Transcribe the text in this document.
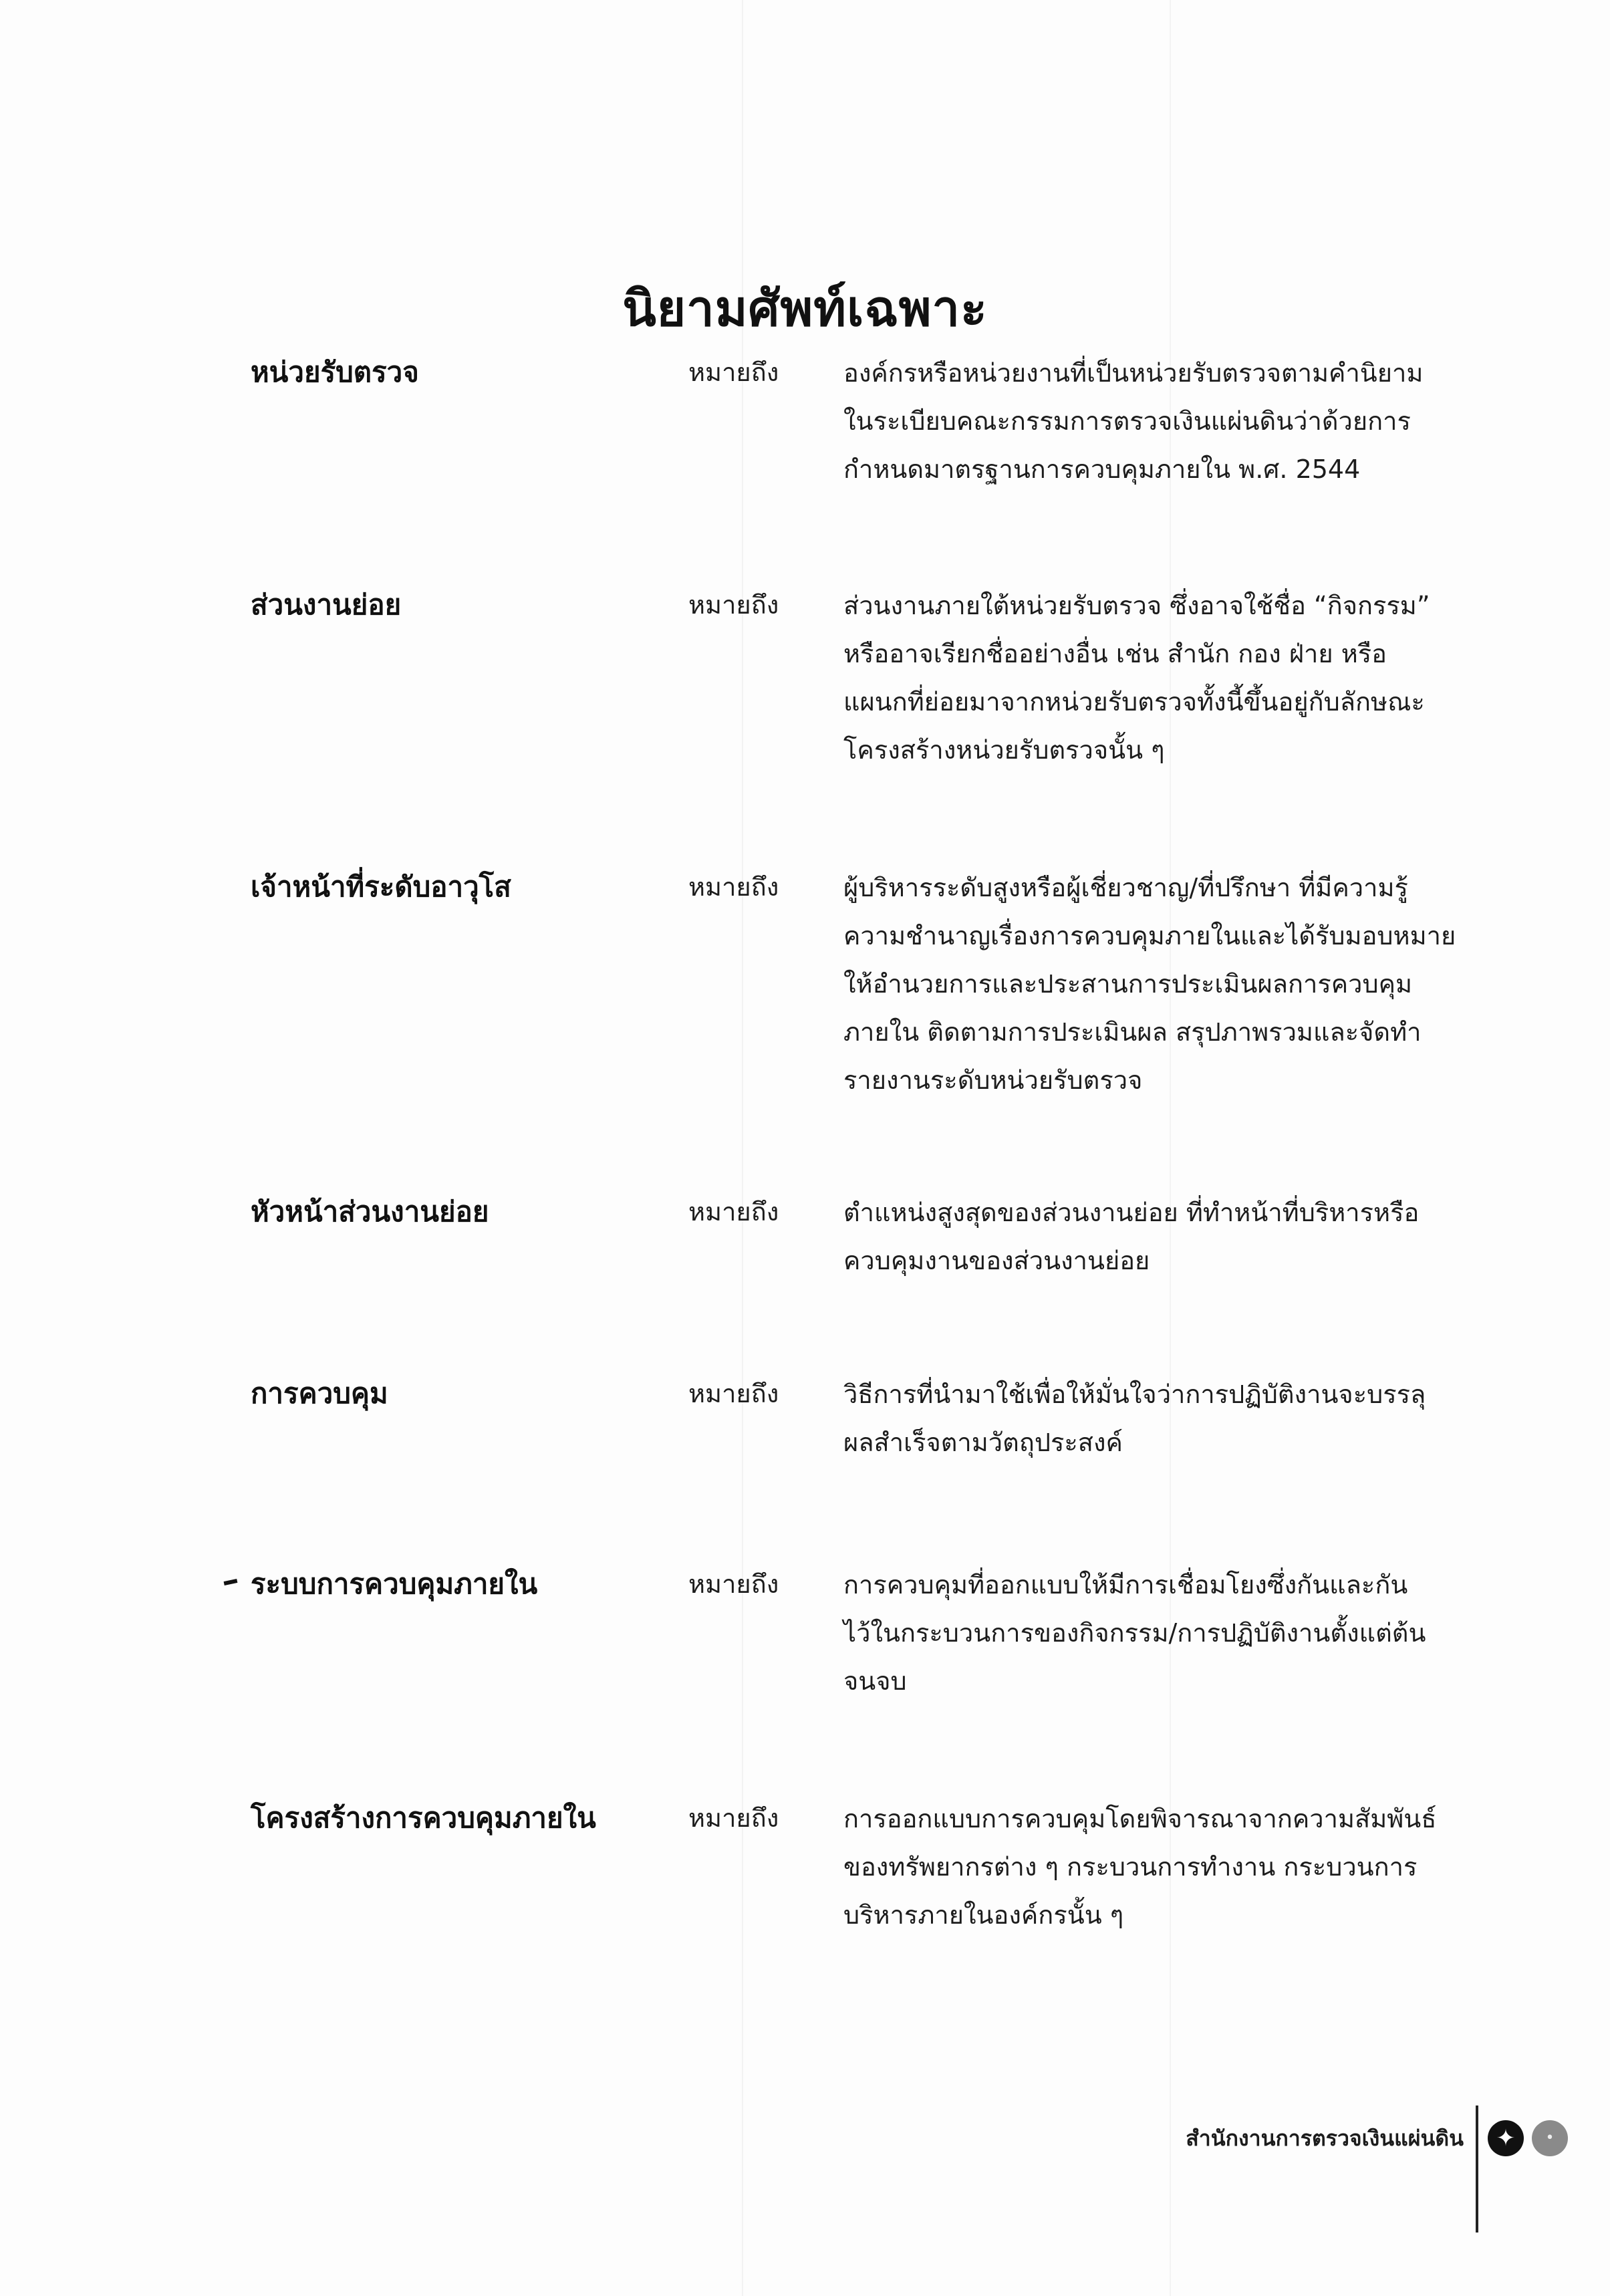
นิยามศัพท์เฉพาะ
หน่วยรับตรวจ	หมายถึง	องค์กรหรือหน่วยงานที่เป็นหน่วยรับตรวจตามคำนิยาม
ในระเบียบคณะกรรมการตรวจเงินแผ่นดินว่าด้วยการ
กำหนดมาตรฐานการควบคุมภายใน พ.ศ. 2544
ส่วนงานย่อย	หมายถึง	ส่วนงานภายใต้หน่วยรับตรวจ ซึ่งอาจใช้ชื่อ “กิจกรรม”
หรืออาจเรียกชื่ออย่างอื่น เช่น สำนัก กอง ฝ่าย หรือ
แผนกที่ย่อยมาจากหน่วยรับตรวจทั้งนี้ขึ้นอยู่กับลักษณะ
โครงสร้างหน่วยรับตรวจนั้น ๆ
เจ้าหน้าที่ระดับอาวุโส	หมายถึง	ผู้บริหารระดับสูงหรือผู้เชี่ยวชาญ/ที่ปรึกษา ที่มีความรู้
ความชำนาญเรื่องการควบคุมภายในและได้รับมอบหมาย
ให้อำนวยการและประสานการประเมินผลการควบคุม
ภายใน ติดตามการประเมินผล สรุปภาพรวมและจัดทำ
รายงานระดับหน่วยรับตรวจ
หัวหน้าส่วนงานย่อย	หมายถึง	ตำแหน่งสูงสุดของส่วนงานย่อย ที่ทำหน้าที่บริหารหรือ
ควบคุมงานของส่วนงานย่อย
การควบคุม	หมายถึง	วิธีการที่นำมาใช้เพื่อให้มั่นใจว่าการปฏิบัติงานจะบรรลุ
ผลสำเร็จตามวัตถุประสงค์
ระบบการควบคุมภายใน	หมายถึง	การควบคุมที่ออกแบบให้มีการเชื่อมโยงซึ่งกันและกัน
ไว้ในกระบวนการของกิจกรรม/การปฏิบัติงานตั้งแต่ต้น
จนจบ
โครงสร้างการควบคุมภายใน	หมายถึง	การออกแบบการควบคุมโดยพิจารณาจากความสัมพันธ์
ของทรัพยากรต่าง ๆ กระบวนการทำงาน กระบวนการ
บริหารภายในองค์กรนั้น ๆ
สำนักงานการตรวจเงินแผ่นดิน	✦	•
